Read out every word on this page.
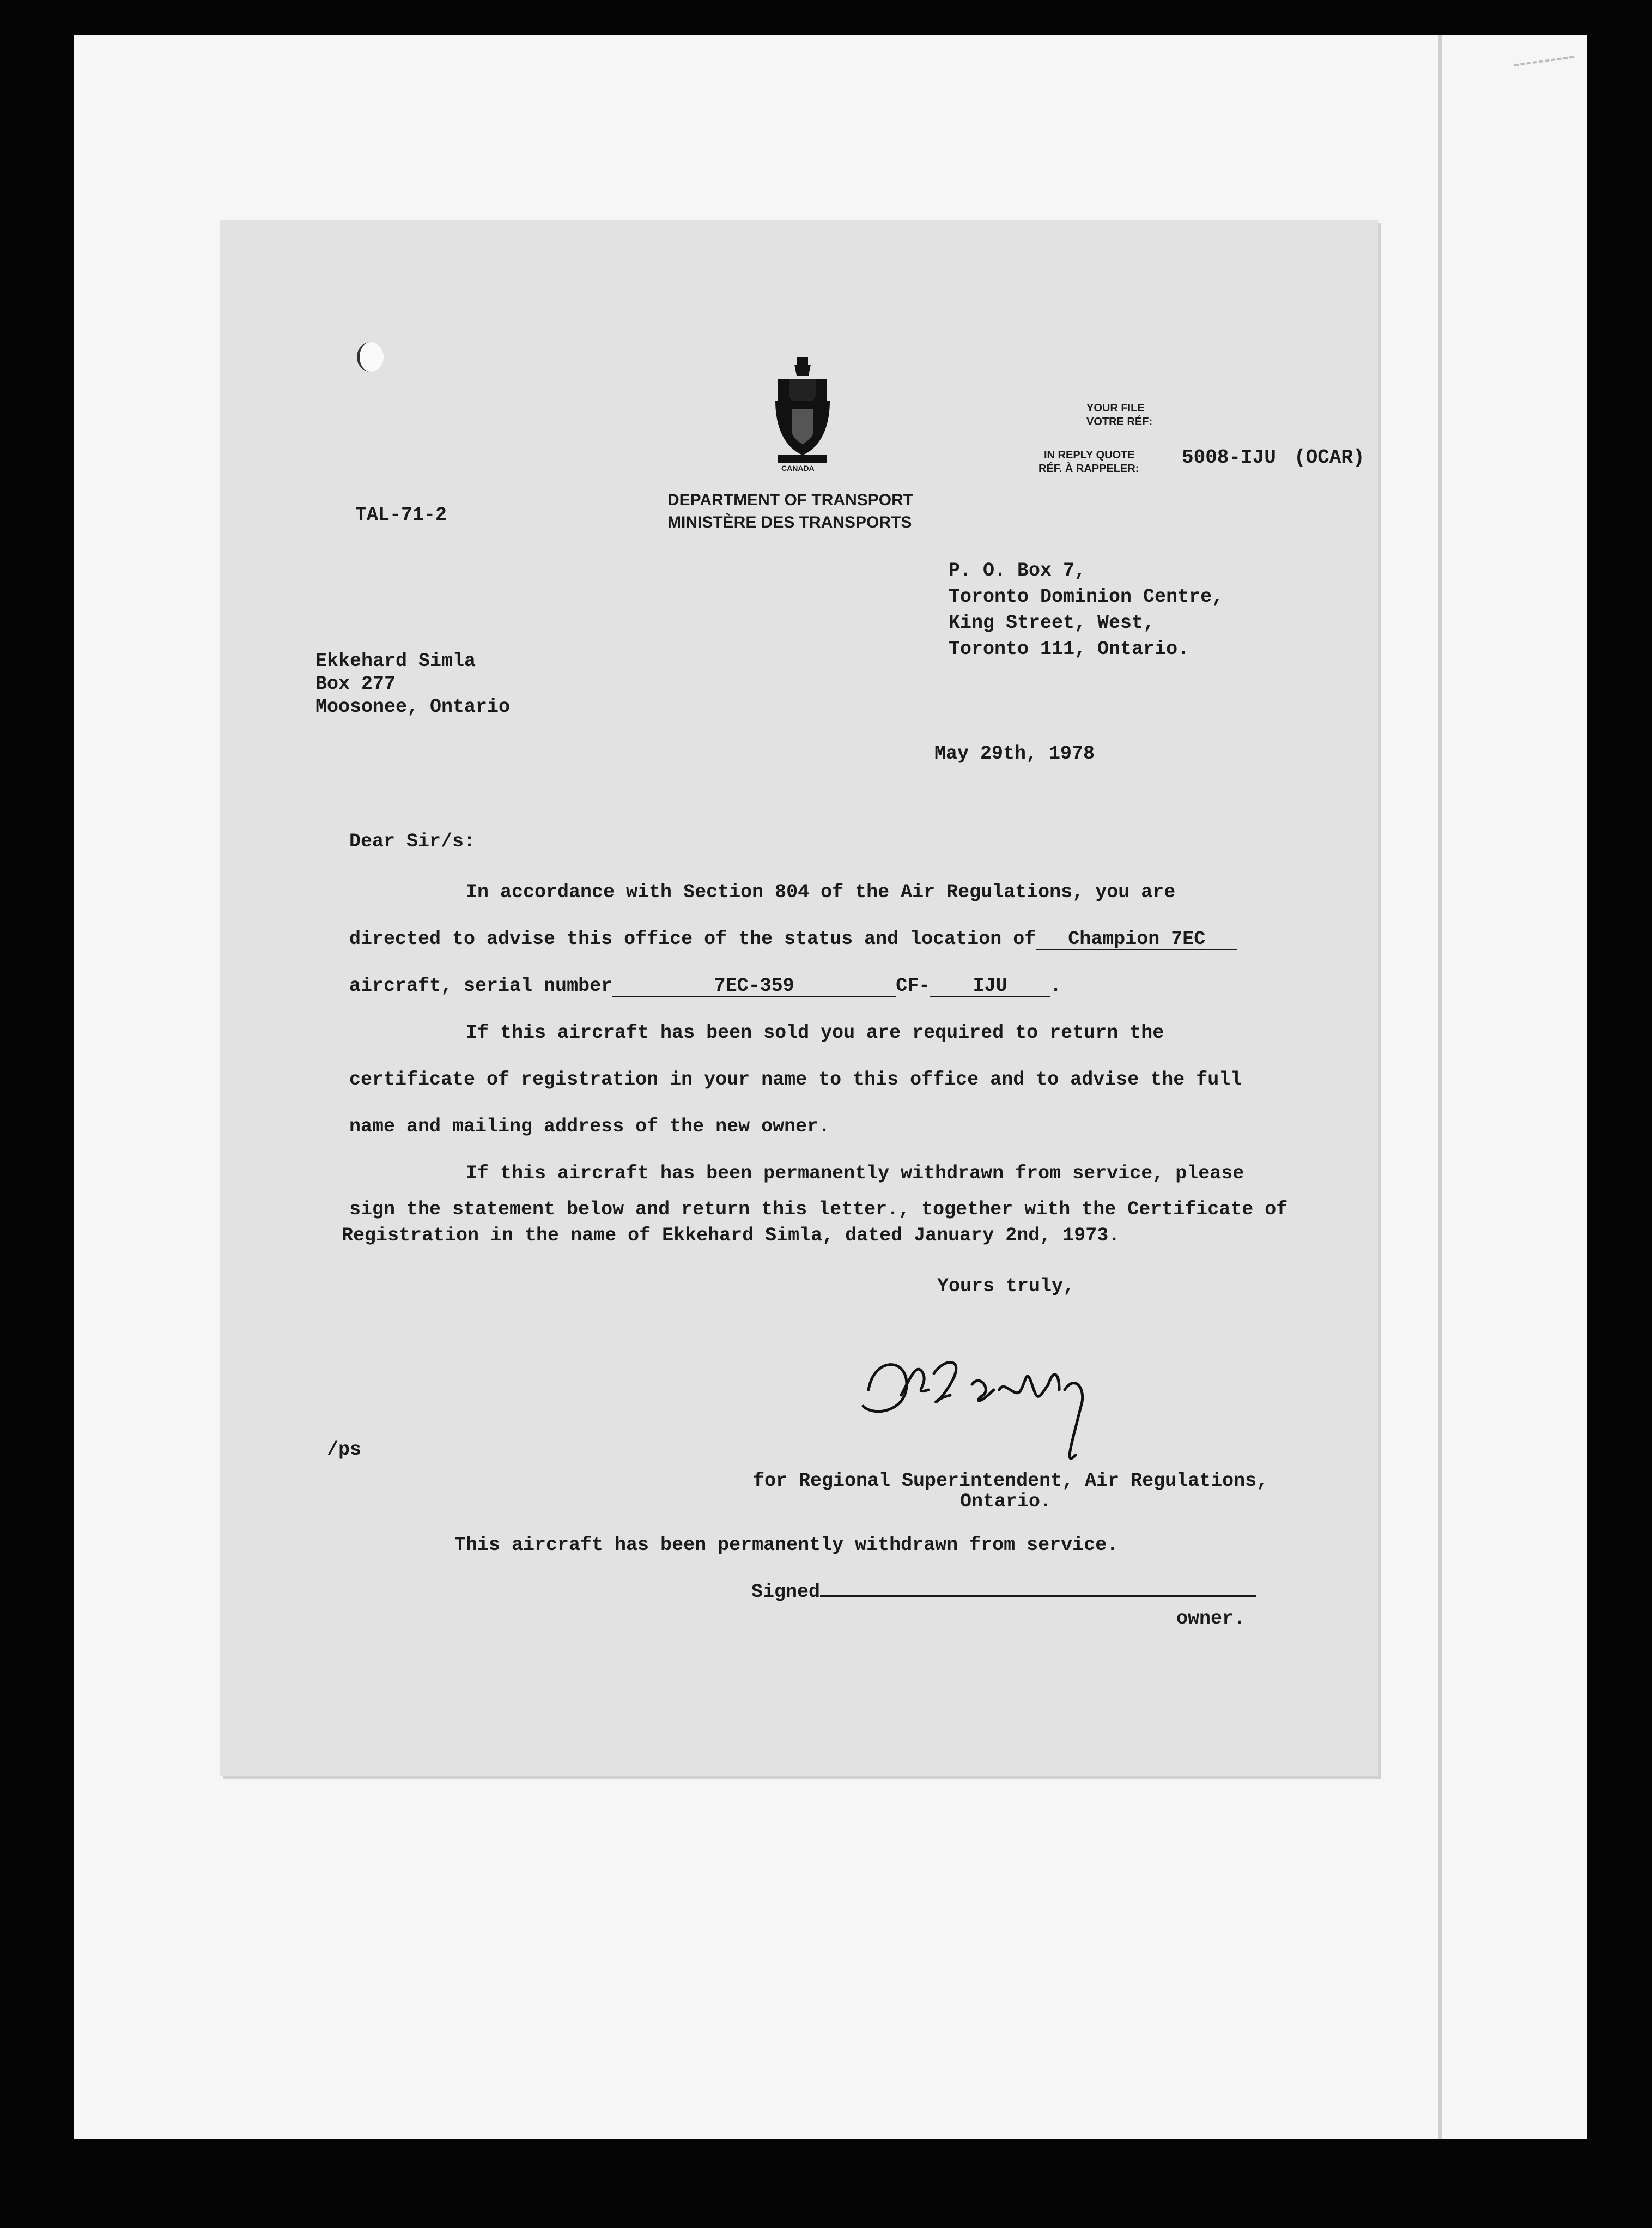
CANADA
TAL-71-2
DEPARTMENT OF TRANSPORT
MINISTÈRE DES TRANSPORTS
YOUR FILE
VOTRE RÉF:
IN REPLY QUOTE
RÉF. À RAPPELER: 5008-IJU (OCAR)
P. O. Box 7,
Toronto Dominion Centre,
King Street, West,
Toronto 111, Ontario.
Ekkehard Simla
Box 277
Moosonee, Ontario
May 29th, 1978
Dear Sir/s:
In accordance with Section 804 of the Air Regulations, you are
directed to advise this office of the status and location of Champion 7EC
aircraft, serial number	7EC-359	CF- IJU .
If this aircraft has been sold you are required to return the
certificate of registration in your name to this office and to advise the full
name and mailing address of the new owner.
If this aircraft has been permanently withdrawn from service, please
sign the statement below and return this letter., together with the Certificate of
Registration in the name of Ekkehard Simla, dated January 2nd, 1973.
Yours truly,
/ps
for Regional Superintendent, Air Regulations,
Ontario.
This aircraft has been permanently withdrawn from service.
Signed
owner.
